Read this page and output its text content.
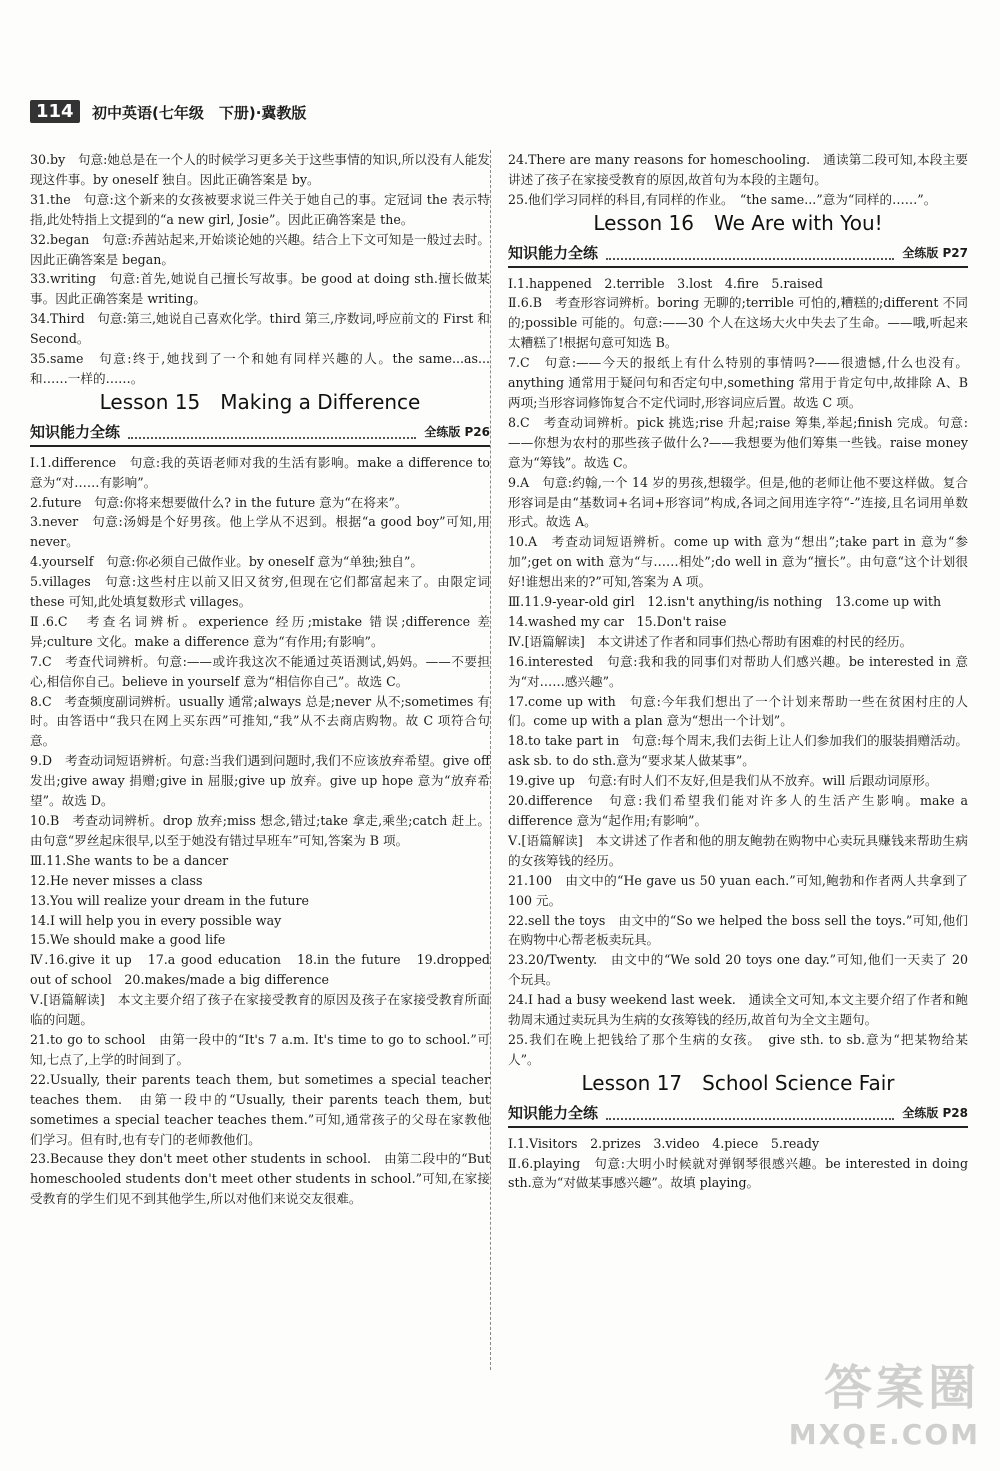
114	初中英语(七年级　下册)·冀教版

30.by　句意:她总是在一个人的时候学习更多关于这些事情的知识,所以没有人能发现这件事。by oneself 独自。因此正确答案是 by。

31.the　句意:这个新来的女孩被要求说三件关于她自己的事。定冠词 the 表示特指,此处特指上文提到的“a new girl, Josie”。因此正确答案是 the。

32.began　句意:乔茜站起来,开始谈论她的兴趣。结合上下文可知是一般过去时。因此正确答案是 began。

33.writing　句意:首先,她说自己擅长写故事。be good at doing sth.擅长做某事。因此正确答案是 writing。

34.Third　句意:第三,她说自己喜欢化学。third 第三,序数词,呼应前文的 First 和 Second。

35.same　句意:终于,她找到了一个和她有同样兴趣的人。the same...as... 和……一样的……。

Lesson 15　Making a Difference
知识能力全练	全练版 P26

Ⅰ.1.difference　句意:我的英语老师对我的生活有影响。make a difference to 意为“对……有影响”。

2.future　句意:你将来想要做什么? in the future 意为“在将来”。

3.never　句意:汤姆是个好男孩。他上学从不迟到。根据“a good boy”可知,用 never。

4.yourself　句意:你必须自己做作业。by oneself 意为“单独;独自”。

5.villages　句意:这些村庄以前又旧又贫穷,但现在它们都富起来了。由限定词 these 可知,此处填复数形式 villages。

Ⅱ.6.C　考查名词辨析。experience 经历;mistake 错误;difference 差异;culture 文化。make a difference 意为“有作用;有影响”。

7.C　考查代词辨析。句意:——或许我这次不能通过英语测试,妈妈。——不要担心,相信你自己。believe in yourself 意为“相信你自己”。故选 C。

8.C　考查频度副词辨析。usually 通常;always 总是;never 从不;sometimes 有时。由答语中“我只在网上买东西”可推知,“我”从不去商店购物。故 C 项符合句意。

9.D　考查动词短语辨析。句意:当我们遇到问题时,我们不应该放弃希望。give off 发出;give away 捐赠;give in 屈服;give up 放弃。give up hope 意为“放弃希望”。故选 D。

10.B　考查动词辨析。drop 放弃;miss 想念,错过;take 拿走,乘坐;catch 赶上。由句意“罗丝起床很早,以至于她没有错过早班车”可知,答案为 B 项。

Ⅲ.11.She wants to be a dancer

12.He never misses a class

13.You will realize your dream in the future

14.I will help you in every possible way

15.We should make a good life

Ⅳ.16.give it up　17.a good education　18.in the future　19.dropped out of school　20.makes/made a big difference

Ⅴ.[语篇解读]　本文主要介绍了孩子在家接受教育的原因及孩子在家接受教育所面临的问题。

21.to go to school　由第一段中的“It's 7 a.m. It's time to go to school.”可知,七点了,上学的时间到了。

22.Usually, their parents teach them, but sometimes a special teacher teaches them.　由第一段中的“Usually, their parents teach them, but sometimes a special teacher teaches them.”可知,通常孩子的父母在家教他们学习。但有时,也有专门的老师教他们。

23.Because they don't meet other students in school.　由第二段中的“But homeschooled students don't meet other students in school.”可知,在家接受教育的学生们见不到其他学生,所以对他们来说交友很难。

24.There are many reasons for homeschooling.　通读第二段可知,本段主要讲述了孩子在家接受教育的原因,故首句为本段的主题句。

25.他们学习同样的科目,有同样的作业。　“the same...”意为“同样的……”。

Lesson 16　We Are with You!
知识能力全练	全练版 P27

Ⅰ.1.happened　2.terrible　3.lost　4.fire　5.raised

Ⅱ.6.B　考查形容词辨析。boring 无聊的;terrible 可怕的,糟糕的;different 不同的;possible 可能的。句意:——30 个人在这场大火中失去了生命。——哦,听起来太糟糕了!根据句意可知选 B。

7.C　句意:——今天的报纸上有什么特别的事情吗?——很遗憾,什么也没有。anything 通常用于疑问句和否定句中,something 常用于肯定句中,故排除 A、B 两项;当形容词修饰复合不定代词时,形容词应后置。故选 C 项。

8.C　考查动词辨析。pick 挑选;rise 升起;raise 筹集,举起;finish 完成。句意:——你想为农村的那些孩子做什么?——我想要为他们筹集一些钱。raise money 意为“筹钱”。故选 C。

9.A　句意:约翰,一个 14 岁的男孩,想辍学。但是,他的老师让他不要这样做。复合形容词是由“基数词+名词+形容词”构成,各词之间用连字符“-”连接,且名词用单数形式。故选 A。

10.A　考查动词短语辨析。come up with 意为“想出”;take part in 意为“参加”;get on with 意为“与……相处”;do well in 意为“擅长”。由句意“这个计划很好!谁想出来的?”可知,答案为 A 项。

Ⅲ.11.9-year-old girl　12.isn't anything/is nothing　13.come up with

14.washed my car　15.Don't raise

Ⅳ.[语篇解读]　本文讲述了作者和同事们热心帮助有困难的村民的经历。

16.interested　句意:我和我的同事们对帮助人们感兴趣。be interested in 意为“对……感兴趣”。

17.come up with　句意:今年我们想出了一个计划来帮助一些在贫困村庄的人们。come up with a plan 意为“想出一个计划”。

18.to take part in　句意:每个周末,我们去街上让人们参加我们的服装捐赠活动。ask sb. to do sth.意为“要求某人做某事”。

19.give up　句意:有时人们不友好,但是我们从不放弃。will 后跟动词原形。

20.difference　句意:我们希望我们能对许多人的生活产生影响。make a difference 意为“起作用;有影响”。

Ⅴ.[语篇解读]　本文讲述了作者和他的朋友鲍勃在购物中心卖玩具赚钱来帮助生病的女孩筹钱的经历。

21.100　由文中的“He gave us 50 yuan each.”可知,鲍勃和作者两人共拿到了 100 元。

22.sell the toys　由文中的“So we helped the boss sell the toys.”可知,他们在购物中心帮老板卖玩具。

23.20/Twenty.　由文中的“We sold 20 toys one day.”可知,他们一天卖了 20 个玩具。

24.I had a busy weekend last week.　通读全文可知,本文主要介绍了作者和鲍勃周末通过卖玩具为生病的女孩筹钱的经历,故首句为全文主题句。

25.我们在晚上把钱给了那个生病的女孩。　give sth. to sb.意为“把某物给某人”。

Lesson 17　School Science Fair
知识能力全练	全练版 P28

Ⅰ.1.Visitors　2.prizes　3.video　4.piece　5.ready

Ⅱ.6.playing　句意:大明小时候就对弹钢琴很感兴趣。be interested in doing sth.意为“对做某事感兴趣”。故填 playing。

答案圈
MXQE.COM
